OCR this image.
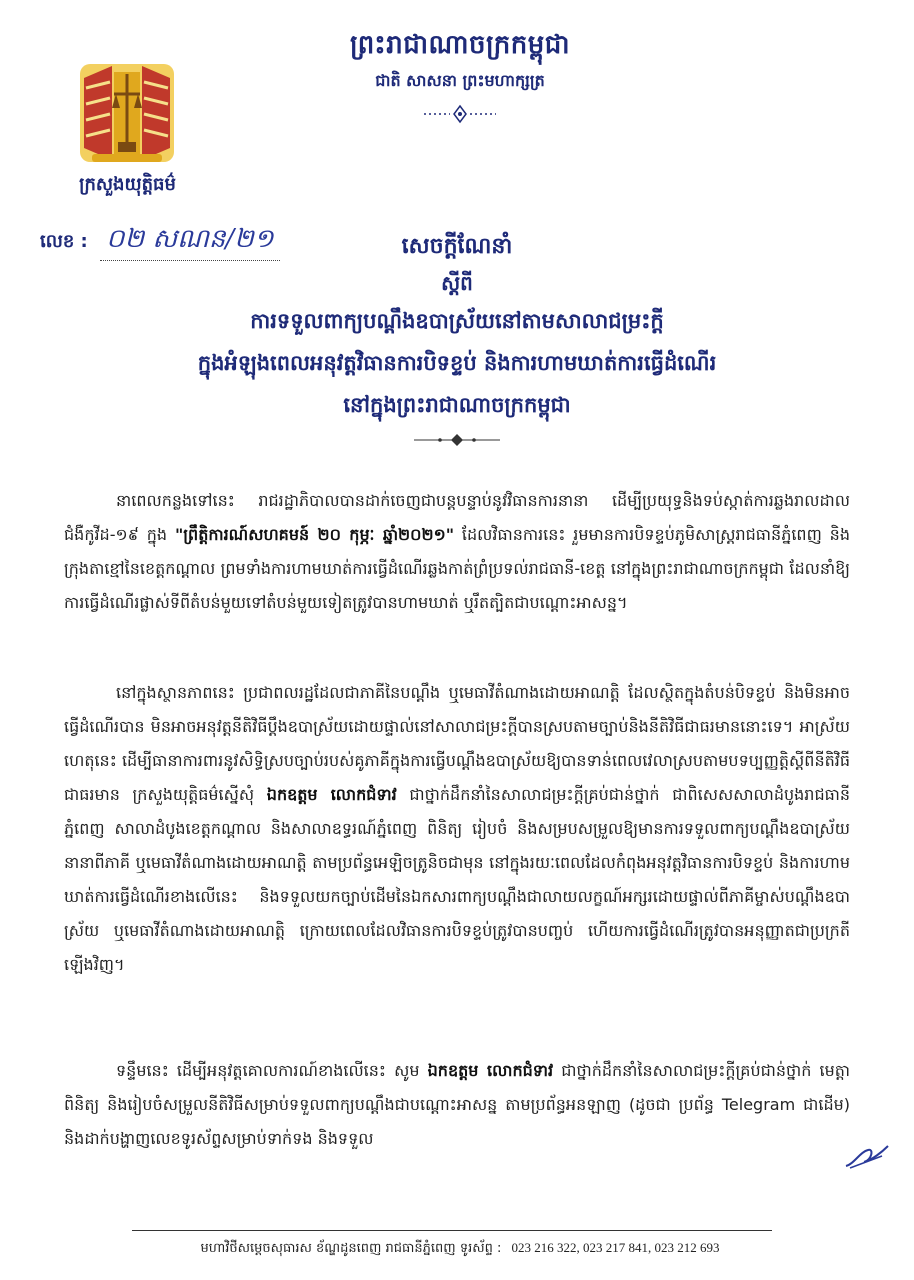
ក្រសួងយុត្តិធម៌
ព្រះរាជាណាចក្រកម្ពុជា
ជាតិ សាសនា ព្រះមហាក្សត្រ
លេខ : ០២ សណន/២១	សេចក្តីណែនាំ
ស្តីពី
ការទទួលពាក្យបណ្តឹងឧបាស្រ័យនៅតាមសាលាជម្រះក្តី
ក្នុងអំឡុងពេលអនុវត្តវិធានការបិទខ្ទប់ និងការហាមឃាត់ការធ្វើដំណើរ
នៅក្នុងព្រះរាជាណាចក្រកម្ពុជា
នាពេលកន្លងទៅនេះ រាជរដ្ឋាភិបាលបានដាក់ចេញជាបន្តបន្ទាប់នូវវិធានការនានា ដើម្បីប្រយុទ្ធនិងទប់ស្កាត់ការឆ្លងរាលដាលជំងឺកូវីដ-១៩ ក្នុង "ព្រឹត្តិការណ៍សហគមន៍ ២០ កុម្ភៈ ឆ្នាំ២០២១" ដែលវិធានការនេះ រួមមានការបិទខ្ទប់ភូមិសាស្ត្ររាជធានីភ្នំពេញ និងក្រុងតាខ្មៅនៃខេត្តកណ្តាល ព្រមទាំងការហាមឃាត់ការធ្វើដំណើរឆ្លងកាត់ព្រំប្រទល់រាជធានី-ខេត្ត នៅក្នុងព្រះរាជាណាចក្រកម្ពុជា ដែលនាំឱ្យការធ្វើដំណើរផ្លាស់ទីពីតំបន់មួយទៅតំបន់មួយទៀតត្រូវបានហាមឃាត់ ឬរឹតត្បិតជាបណ្តោះអាសន្ន។
នៅក្នុងស្ថានភាពនេះ ប្រជាពលរដ្ឋដែលជាភាគីនៃបណ្តឹង ឬមេធាវីតំណាងដោយអាណត្តិ ដែលស្ថិតក្នុងតំបន់បិទខ្ទប់ និងមិនអាចធ្វើដំណើរបាន មិនអាចអនុវត្តនីតិវិធីប្តឹងឧបាស្រ័យដោយផ្ទាល់នៅសាលាជម្រះក្តីបានស្របតាមច្បាប់និងនីតិវិធីជាធរមាននោះទេ។ អាស្រ័យហេតុនេះ ដើម្បីធានាការពារនូវសិទ្ធិស្របច្បាប់របស់គូភាគីក្នុងការធ្វើបណ្តឹងឧបាស្រ័យឱ្យបានទាន់ពេលវេលាស្របតាមបទប្បញ្ញត្តិស្តីពីនីតិវិធីជាធរមាន ក្រសួងយុត្តិធម៌ស្នើសុំ ឯកឧត្តម លោកជំទាវ ជាថ្នាក់ដឹកនាំនៃសាលាជម្រះក្តីគ្រប់ជាន់ថ្នាក់ ជាពិសេសសាលាដំបូងរាជធានីភ្នំពេញ សាលាដំបូងខេត្តកណ្តាល និងសាលាឧទ្ធរណ៍ភ្នំពេញ ពិនិត្យ រៀបចំ និងសម្របសម្រួលឱ្យមានការទទួលពាក្យបណ្តឹងឧបាស្រ័យនានាពីភាគី ឬមេធាវីតំណាងដោយអាណត្តិ តាមប្រព័ន្ធអេឡិចត្រូនិចជាមុន នៅក្នុងរយៈពេលដែលកំពុងអនុវត្តវិធានការបិទខ្ទប់ និងការហាមឃាត់ការធ្វើដំណើរខាងលើនេះ និងទទួលយកច្បាប់ដើមនៃឯកសារពាក្យបណ្តឹងជាលាយលក្ខណ៍អក្សរដោយផ្ទាល់ពីភាគីម្ចាស់បណ្តឹងឧបាស្រ័យ ឬមេធាវីតំណាងដោយអាណត្តិ ក្រោយពេលដែលវិធានការបិទខ្ទប់ត្រូវបានបញ្ចប់ ហើយការធ្វើដំណើរត្រូវបានអនុញ្ញាតជាប្រក្រតីឡើងវិញ។
ទន្ទឹមនេះ ដើម្បីអនុវត្តគោលការណ៍ខាងលើនេះ សូម ឯកឧត្តម លោកជំទាវ ជាថ្នាក់ដឹកនាំនៃសាលាជម្រះក្តីគ្រប់ជាន់ថ្នាក់ មេត្តាពិនិត្យ និងរៀបចំសម្រួលនីតិវិធីសម្រាប់ទទួលពាក្យបណ្តឹងជាបណ្តោះអាសន្ន តាមប្រព័ន្ធអនឡាញ (ដូចជា ប្រព័ន្ធ Telegram ជាដើម) និងដាក់បង្ហាញលេខទូរស័ព្ទសម្រាប់ទាក់ទង និងទទួល
មហាវិថីសម្តេចសុធារស ខ័ណ្ឌដូនពេញ រាជធានីភ្នំពេញ ទូរស័ព្ទ : 023 216 322, 023 217 841, 023 212 693
